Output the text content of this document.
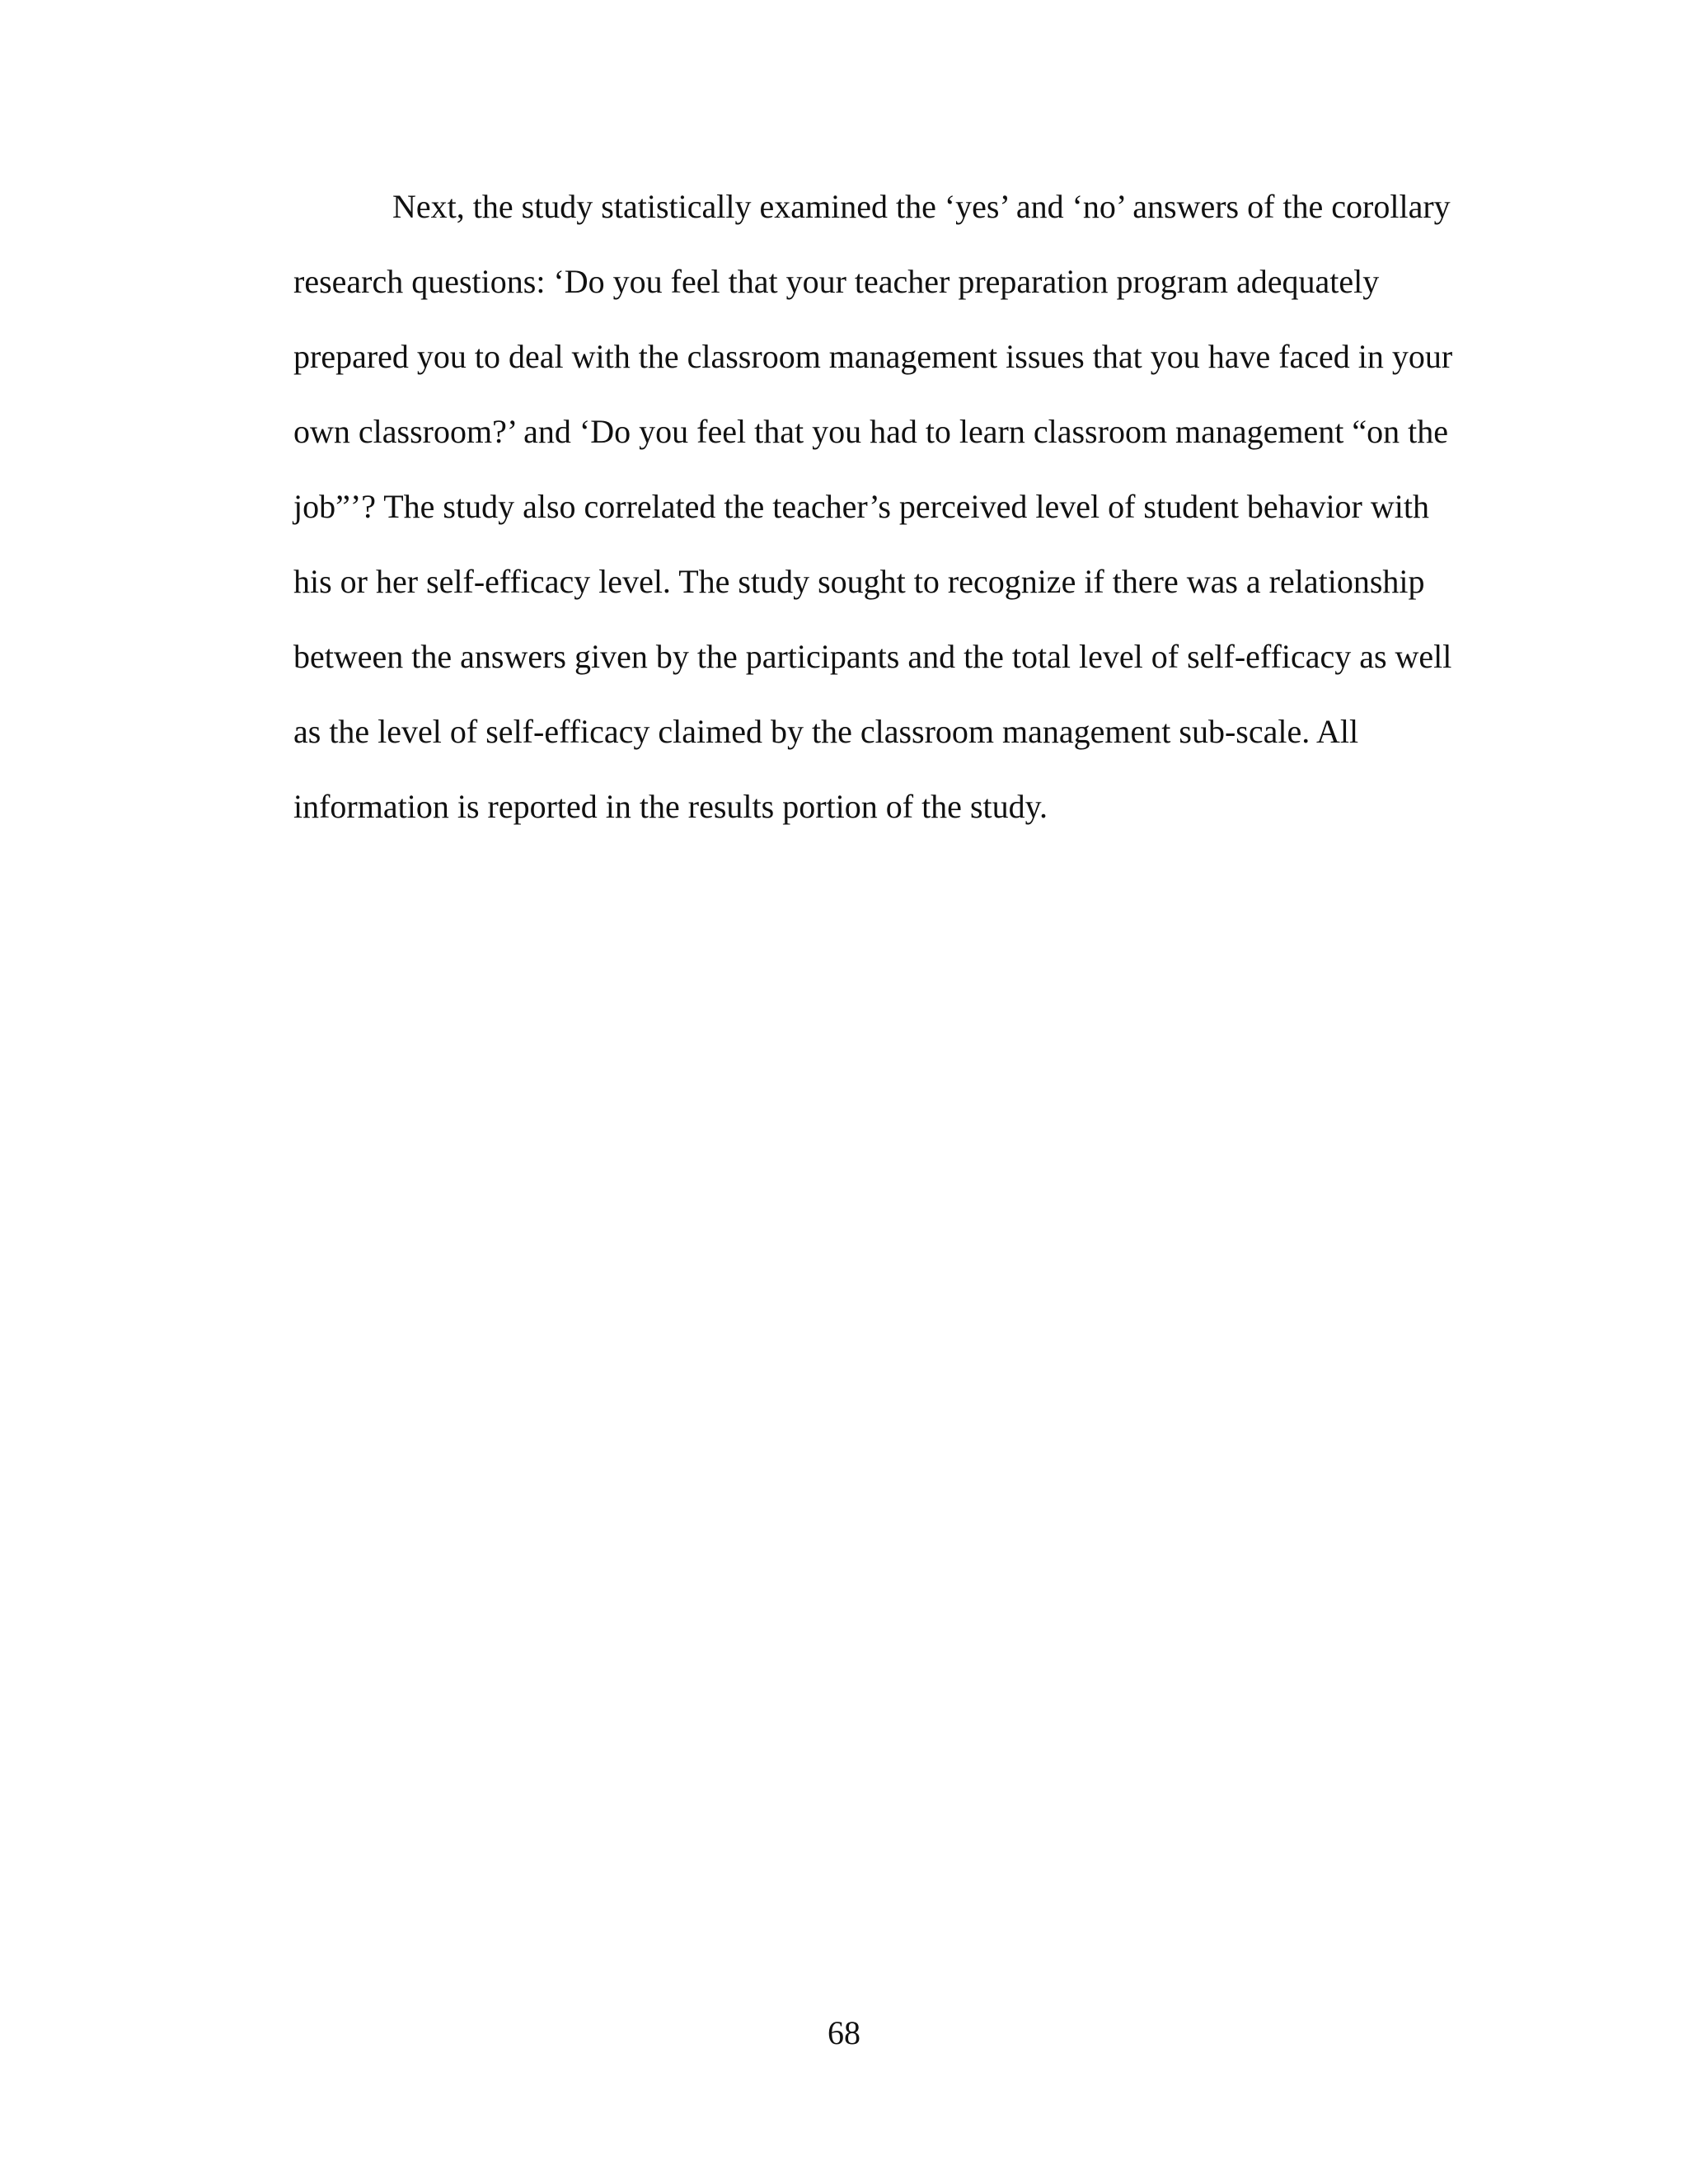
Next, the study statistically examined the ‘yes’ and ‘no’ answers of the corollary
research questions: ‘Do you feel that your teacher preparation program adequately
prepared you to deal with the classroom management issues that you have faced in your
own classroom?’ and ‘Do you feel that you had to learn classroom management “on the
job”’? The study also correlated the teacher’s perceived level of student behavior with
his or her self-efficacy level. The study sought to recognize if there was a relationship
between the answers given by the participants and the total level of self-efficacy as well
as the level of self-efficacy claimed by the classroom management sub-scale. All
information is reported in the results portion of the study.
68
